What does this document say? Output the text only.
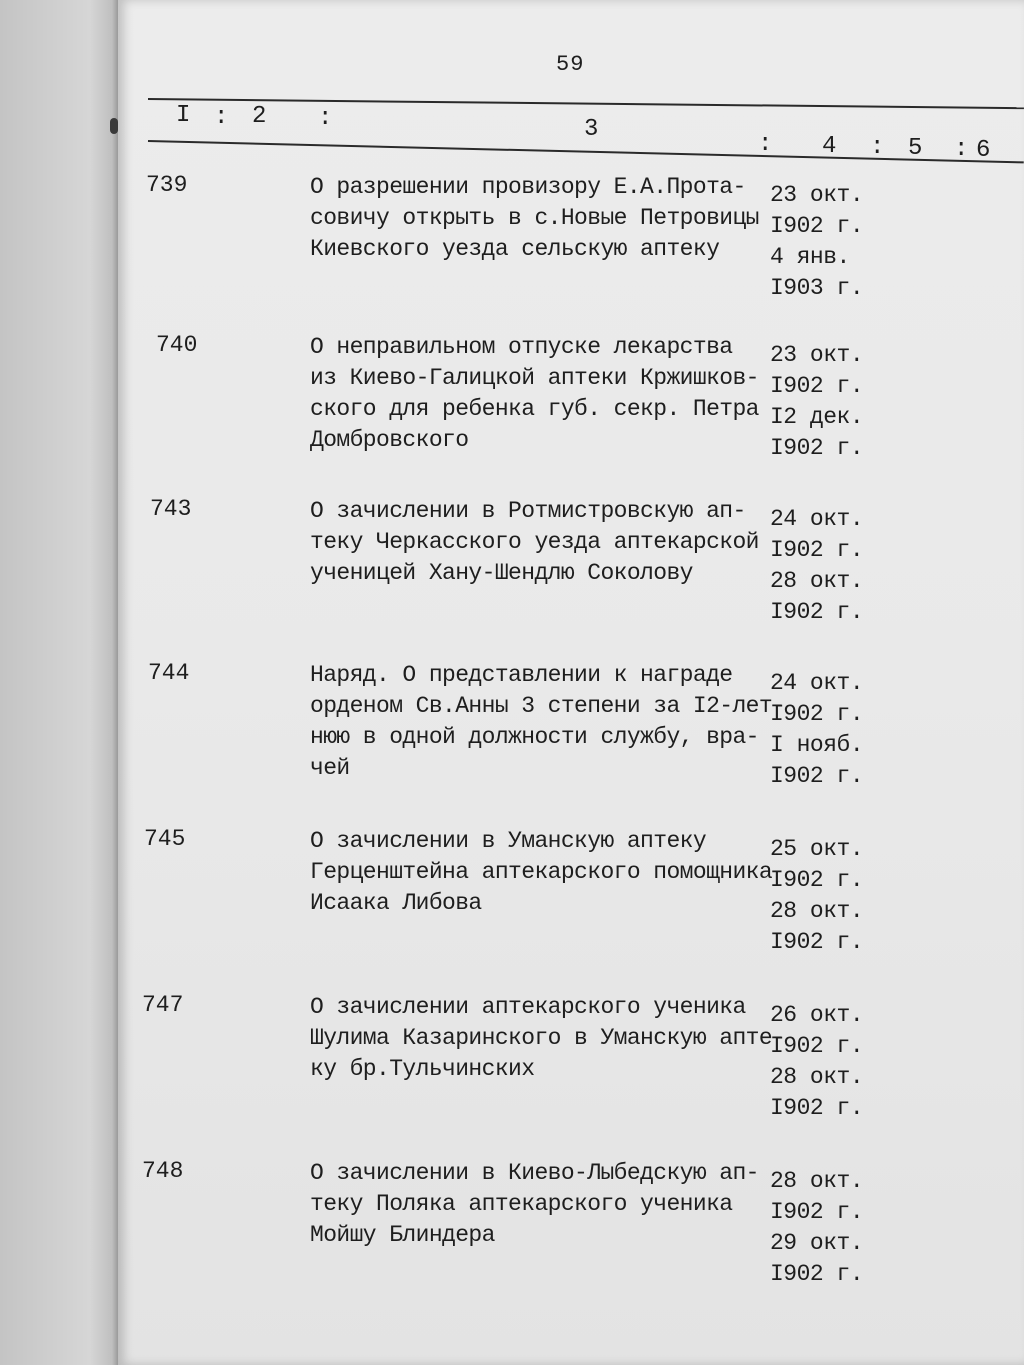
59
I : 2 :	3
: 4 : 5 : 6
739	О разрешении провизору Е.А.Прота-
совичу открыть в с.Новые Петровицы
Киевского уезда сельскую аптеку
23 окт.
I902 г.
4 янв.
I903 г.
740	О неправильном отпуске лекарства
из Киево-Галицкой аптеки Кржишков-
ского для ребенка губ. секр. Петра
Домбровского
23 окт.
I902 г.
I2 дек.
I902 г.
743	О зачислении в Ротмистровскую ап-
теку Черкасского уезда аптекарской
ученицей Хану-Шендлю Соколову
24 окт.
I902 г.
28 окт.
I902 г.
744	Наряд. О представлении к награде
орденом Св.Анны 3 степени за I2-лет-
нюю в одной должности службу, вра-
чей
24 окт.
I902 г.
I нояб.
I902 г.
745	О зачислении в Уманскую аптеку
Герценштейна аптекарского помощника
Исаака Либова
25 окт.
I902 г.
28 окт.
I902 г.
747	О зачислении аптекарского ученика
Шулима Казаринского в Уманскую апте-
ку бр.Тульчинских
26 окт.
I902 г.
28 окт.
I902 г.
748	О зачислении в Киево-Лыбедскую ап-
теку Поляка аптекарского ученика
Мойшу Блиндера
28 окт.
I902 г.
29 окт.
I902 г.
